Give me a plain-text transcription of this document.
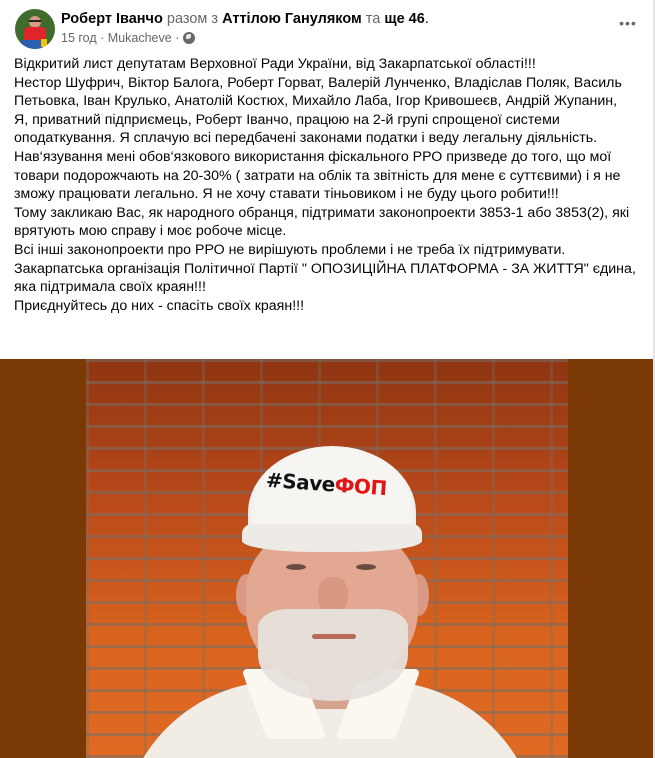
Роберт Іванчо разом з Аттілою Гануляком та ще 46.
15 год · Mukacheve ·
•••

Відкритий лист депутатам Верховної Ради України, від Закарпатської області!!!

Нестор Шуфрич, Віктор Балога, Роберт Горват, Валерій Лунченко, Владіслав Поляк, Василь Петьовка, Іван Крулько, Анатолій Костюх, Михайло Лаба, Ігор Кривошеєв, Андрій Жупанин,

Я, приватний підприємець, Роберт Іванчо, працюю на 2-й групі спрощеної системи оподаткування. Я сплачую всі передбачені законами податки і веду легальну діяльність. Нав‘язування мені обов‘язкового використання фіскального РРО призведе до того, що мої товари подорожчають на 20-30% ( затрати на облік та звітність для мене є суттєвими) і я не зможу працювати легально. Я не хочу ставати тіньовиком і не буду цього робити!!!

Тому закликаю Вас, як народного обранця, підтримати законопроекти 3853-1 або 3853(2), які врятують мою справу і моє робоче місце.

Всі інші законопроекти про РРО не вирішують проблеми і не треба їх підтримувати.

Закарпатська організація Політичної Партії " ОПОЗИЦІЙНА ПЛАТФОРМА - ЗА ЖИТТЯ" єдина, яка підтримала своїх краян!!!

Приєднуйтесь до них - спасіть своїх краян!!!

#SaveФОП
